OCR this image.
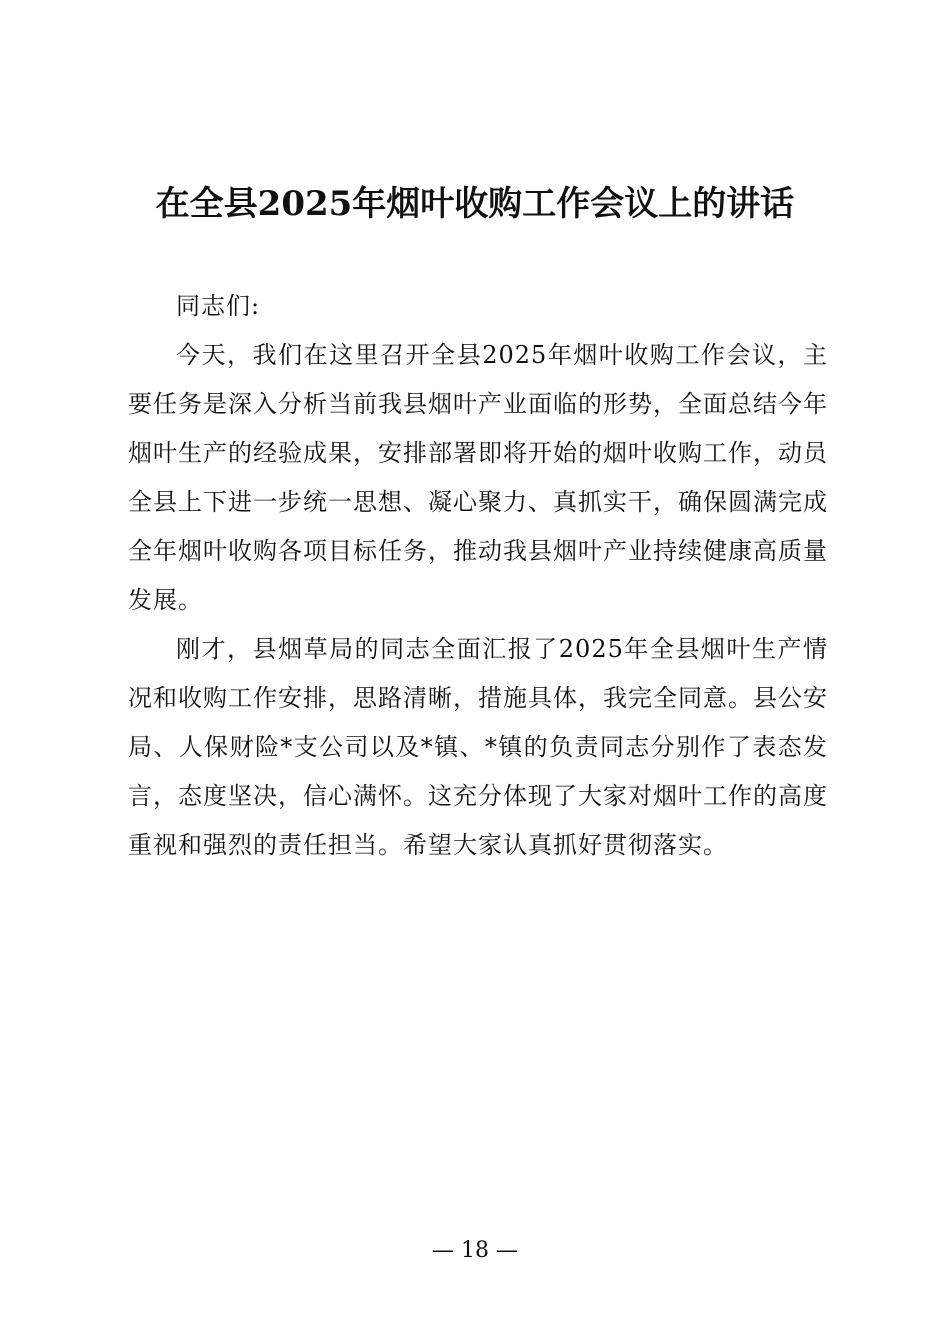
在全县2025年烟叶收购工作会议上的讲话

同志们:

今天，我们在这里召开全县2025年烟叶收购工作会议，主要任务是深入分析当前我县烟叶产业面临的形势，全面总结今年烟叶生产的经验成果，安排部署即将开始的烟叶收购工作，动员全县上下进一步统一思想、凝心聚力、真抓实干，确保圆满完成全年烟叶收购各项目标任务，推动我县烟叶产业持续健康高质量发展。

刚才，县烟草局的同志全面汇报了2025年全县烟叶生产情况和收购工作安排，思路清晰，措施具体，我完全同意。县公安局、人保财险*支公司以及*镇、*镇的负责同志分别作了表态发言，态度坚决，信心满怀。这充分体现了大家对烟叶工作的高度重视和强烈的责任担当。希望大家认真抓好贯彻落实。

— 18 —
